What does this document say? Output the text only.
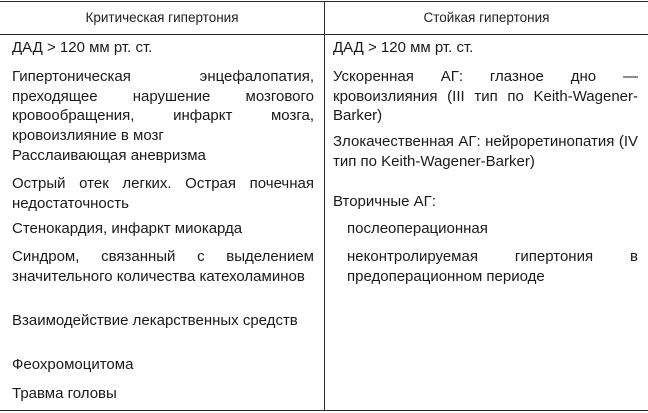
Критическая гипертония	Стойкая гипертония

ДАД > 120 мм рт. ст.

Гипертоническая энцефалопатия, преходящее нарушение мозгового кровообращения, инфаркт мозга, кровоизлияние в мозг

Расслаивающая аневризма

Острый отек легких. Острая почечная недостаточность

Стенокардия, инфаркт миокарда

Синдром, связанный с выделением значительного количества катехоламинов

Взаимодействие лекарственных средств

Феохромоцитома

Травма головы

ДАД > 120 мм рт. ст.

Ускоренная АГ: глазное дно — кровоизлияния (III тип по Keith-Wagener-Barker)

Злокачественная АГ: нейроретинопатия (IV тип по Keith-Wagener-Barker)

Вторичные АГ:

послеоперационная

неконтролируемая гипертония в предоперационном периоде
